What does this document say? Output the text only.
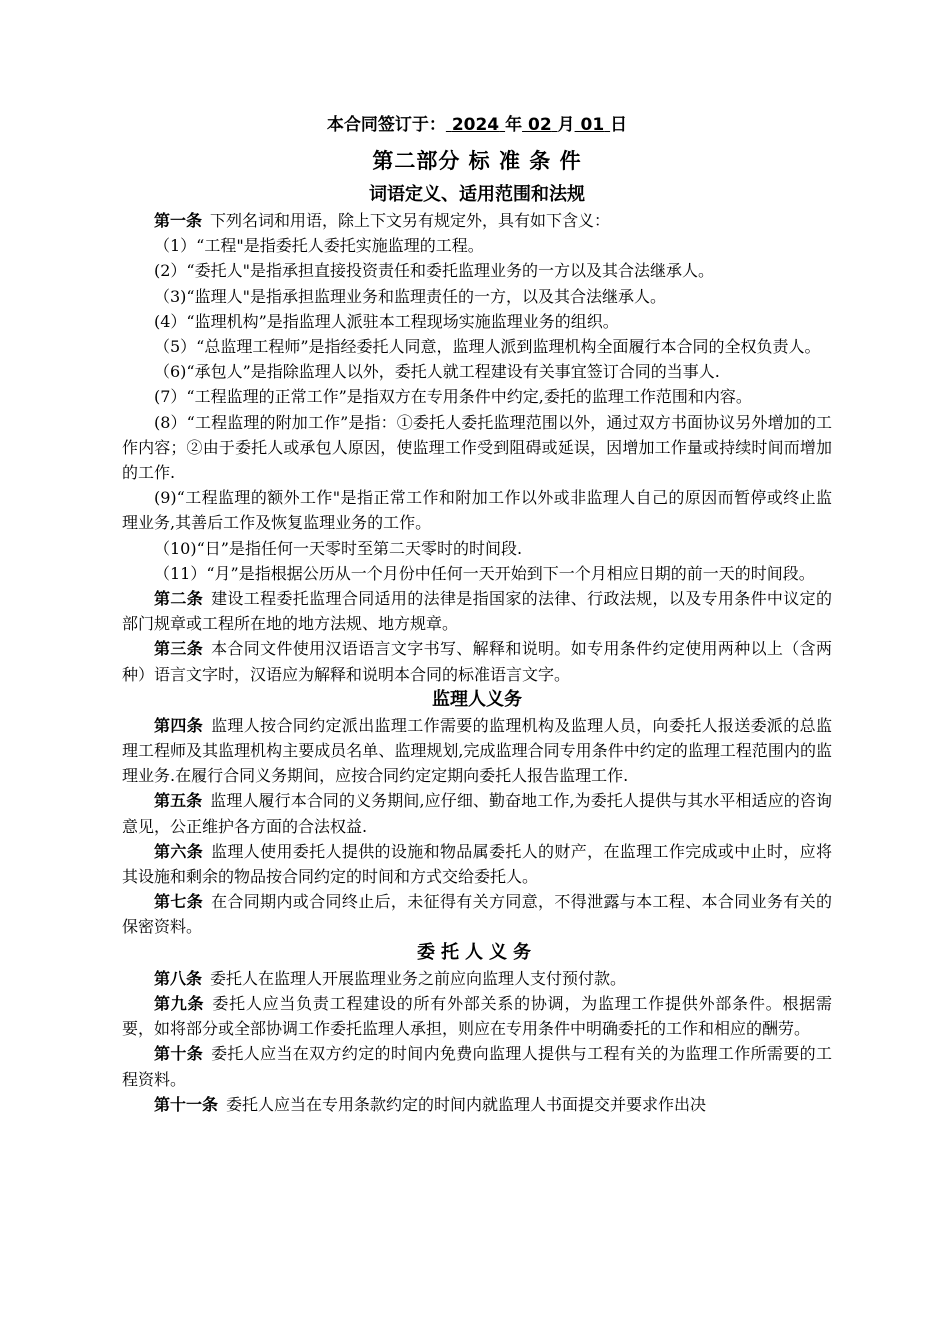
本合同签订于： 2024 年 02 月 01 日
第二部分 标 准 条 件
词语定义、适用范围和法规

第一条 下列名词和用语，除上下文另有规定外，具有如下含义：

（1）“工程"是指委托人委托实施监理的工程。

(2）“委托人"是指承担直接投资责任和委托监理业务的一方以及其合法继承人。

（3)“监理人"是指承担监理业务和监理责任的一方，以及其合法继承人。

(4）“监理机构”是指监理人派驻本工程现场实施监理业务的组织。

（5）“总监理工程师”是指经委托人同意，监理人派到监理机构全面履行本合同的全权负责人。

（6)“承包人”是指除监理人以外，委托人就工程建设有关事宜签订合同的当事人.

(7）“工程监理的正常工作”是指双方在专用条件中约定,委托的监理工作范围和内容。

(8）“工程监理的附加工作”是指：①委托人委托监理范围以外，通过双方书面协议另外增加的工作内容；②由于委托人或承包人原因，使监理工作受到阻碍或延误，因增加工作量或持续时间而增加的工作.

(9)“工程监理的额外工作"是指正常工作和附加工作以外或非监理人自己的原因而暂停或终止监理业务,其善后工作及恢复监理业务的工作。

（10)“日”是指任何一天零时至第二天零时的时间段.

（11）“月”是指根据公历从一个月份中任何一天开始到下一个月相应日期的前一天的时间段。

第二条 建设工程委托监理合同适用的法律是指国家的法律、行政法规，以及专用条件中议定的部门规章或工程所在地的地方法规、地方规章。

第三条 本合同文件使用汉语语言文字书写、解释和说明。如专用条件约定使用两种以上（含两种）语言文字时，汉语应为解释和说明本合同的标准语言文字。

监理人义务

第四条 监理人按合同约定派出监理工作需要的监理机构及监理人员，向委托人报送委派的总监理工程师及其监理机构主要成员名单、监理规划,完成监理合同专用条件中约定的监理工程范围内的监理业务.在履行合同义务期间，应按合同约定定期向委托人报告监理工作.

第五条 监理人履行本合同的义务期间,应仔细、勤奋地工作,为委托人提供与其水平相适应的咨询意见，公正维护各方面的合法权益.

第六条 监理人使用委托人提供的设施和物品属委托人的财产，在监理工作完成或中止时，应将其设施和剩余的物品按合同约定的时间和方式交给委托人。

第七条 在合同期内或合同终止后，未征得有关方同意，不得泄露与本工程、本合同业务有关的保密资料。

委托人义务

第八条 委托人在监理人开展监理业务之前应向监理人支付预付款。

第九条 委托人应当负责工程建设的所有外部关系的协调，为监理工作提供外部条件。根据需要，如将部分或全部协调工作委托监理人承担，则应在专用条件中明确委托的工作和相应的酬劳。

第十条 委托人应当在双方约定的时间内免费向监理人提供与工程有关的为监理工作所需要的工程资料。

第十一条 委托人应当在专用条款约定的时间内就监理人书面提交并要求作出决
